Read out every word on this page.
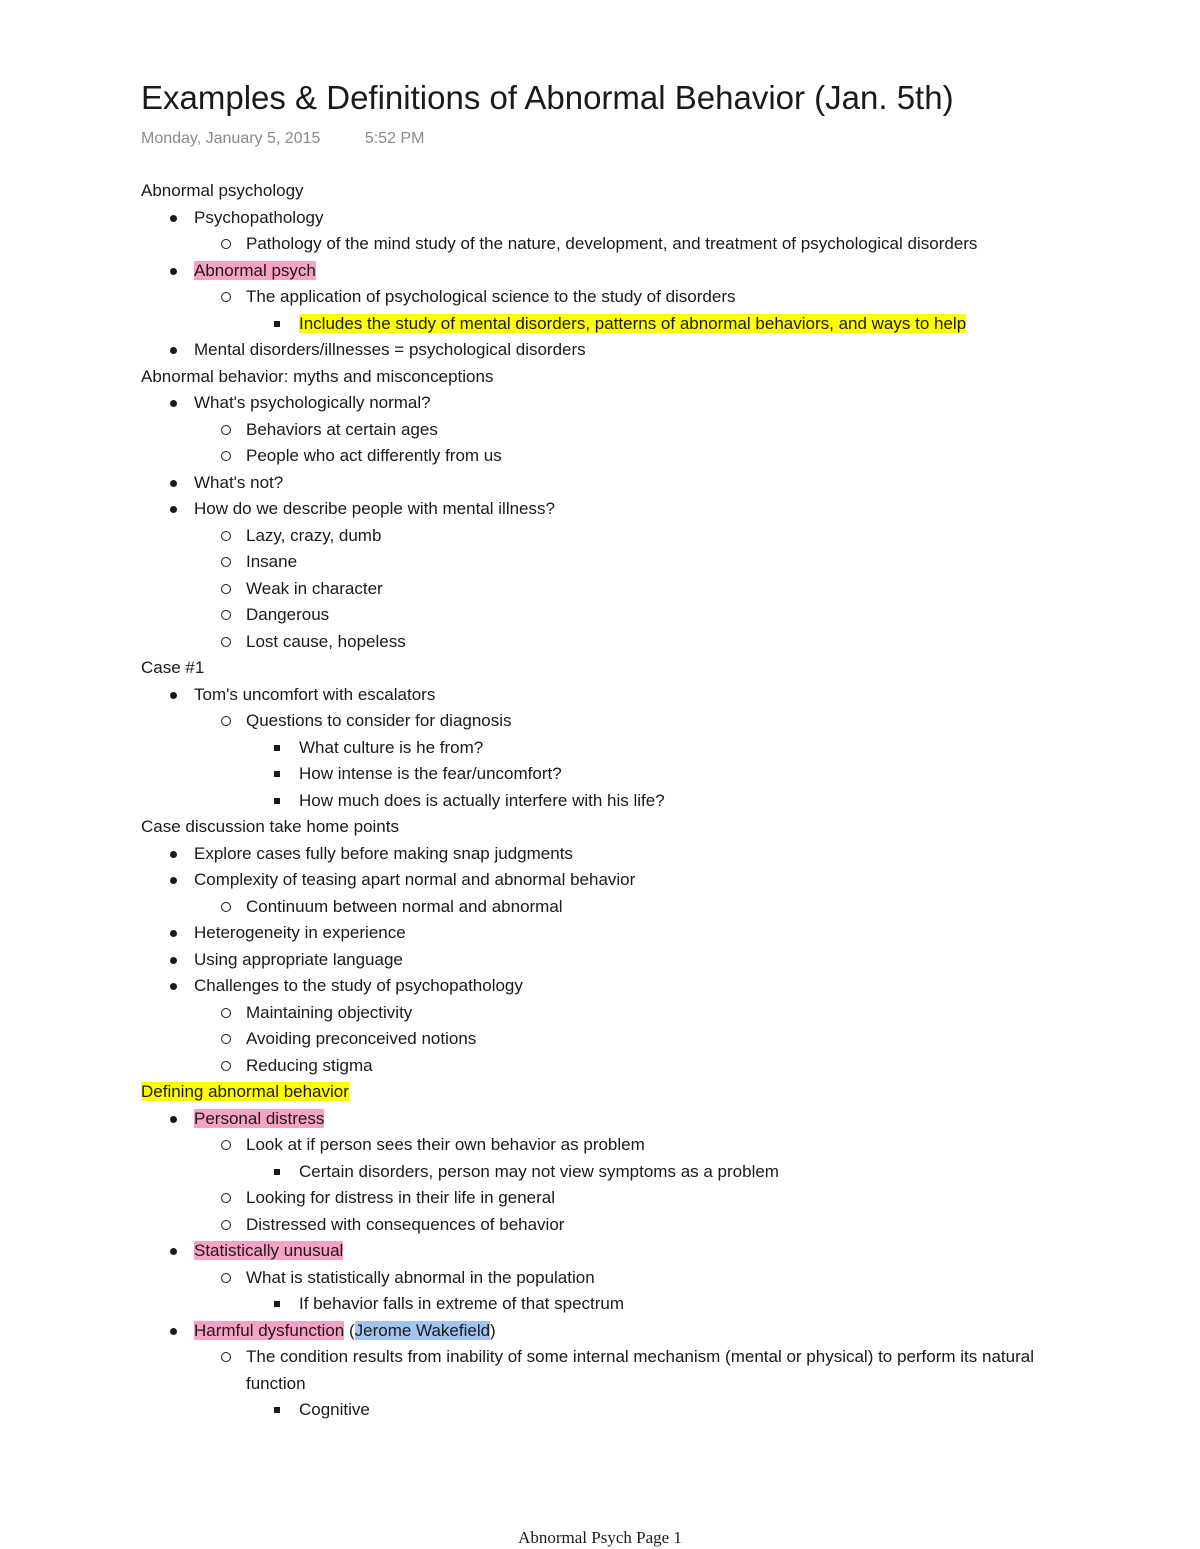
Examples & Definitions of Abnormal Behavior (Jan. 5th)
Monday, January 5, 2015	5:52 PM
Abnormal psychology
Psychopathology
Pathology of the mind study of the nature, development, and treatment of psychological disorders
Abnormal psych
The application of psychological science to the study of disorders
Includes the study of mental disorders, patterns of abnormal behaviors, and ways to help
Mental disorders/illnesses = psychological disorders
Abnormal behavior: myths and misconceptions
What's psychologically normal?
Behaviors at certain ages
People who act differently from us
What's not?
How do we describe people with mental illness?
Lazy, crazy, dumb
Insane
Weak in character
Dangerous
Lost cause, hopeless
Case #1
Tom's uncomfort with escalators
Questions to consider for diagnosis
What culture is he from?
How intense is the fear/uncomfort?
How much does is actually interfere with his life?
Case discussion take home points
Explore cases fully before making snap judgments
Complexity of teasing apart normal and abnormal behavior
Continuum between normal and abnormal
Heterogeneity in experience
Using appropriate language
Challenges to the study of psychopathology
Maintaining objectivity
Avoiding preconceived notions
Reducing stigma
Defining abnormal behavior
Personal distress
Look at if person sees their own behavior as problem
Certain disorders, person may not view symptoms as a problem
Looking for distress in their life in general
Distressed with consequences of behavior
Statistically unusual
What is statistically abnormal in the population
If behavior falls in extreme of that spectrum
Harmful dysfunction (Jerome Wakefield)
The condition results from inability of some internal mechanism (mental or physical) to perform its natural function
Cognitive
Abnormal Psych Page 1
